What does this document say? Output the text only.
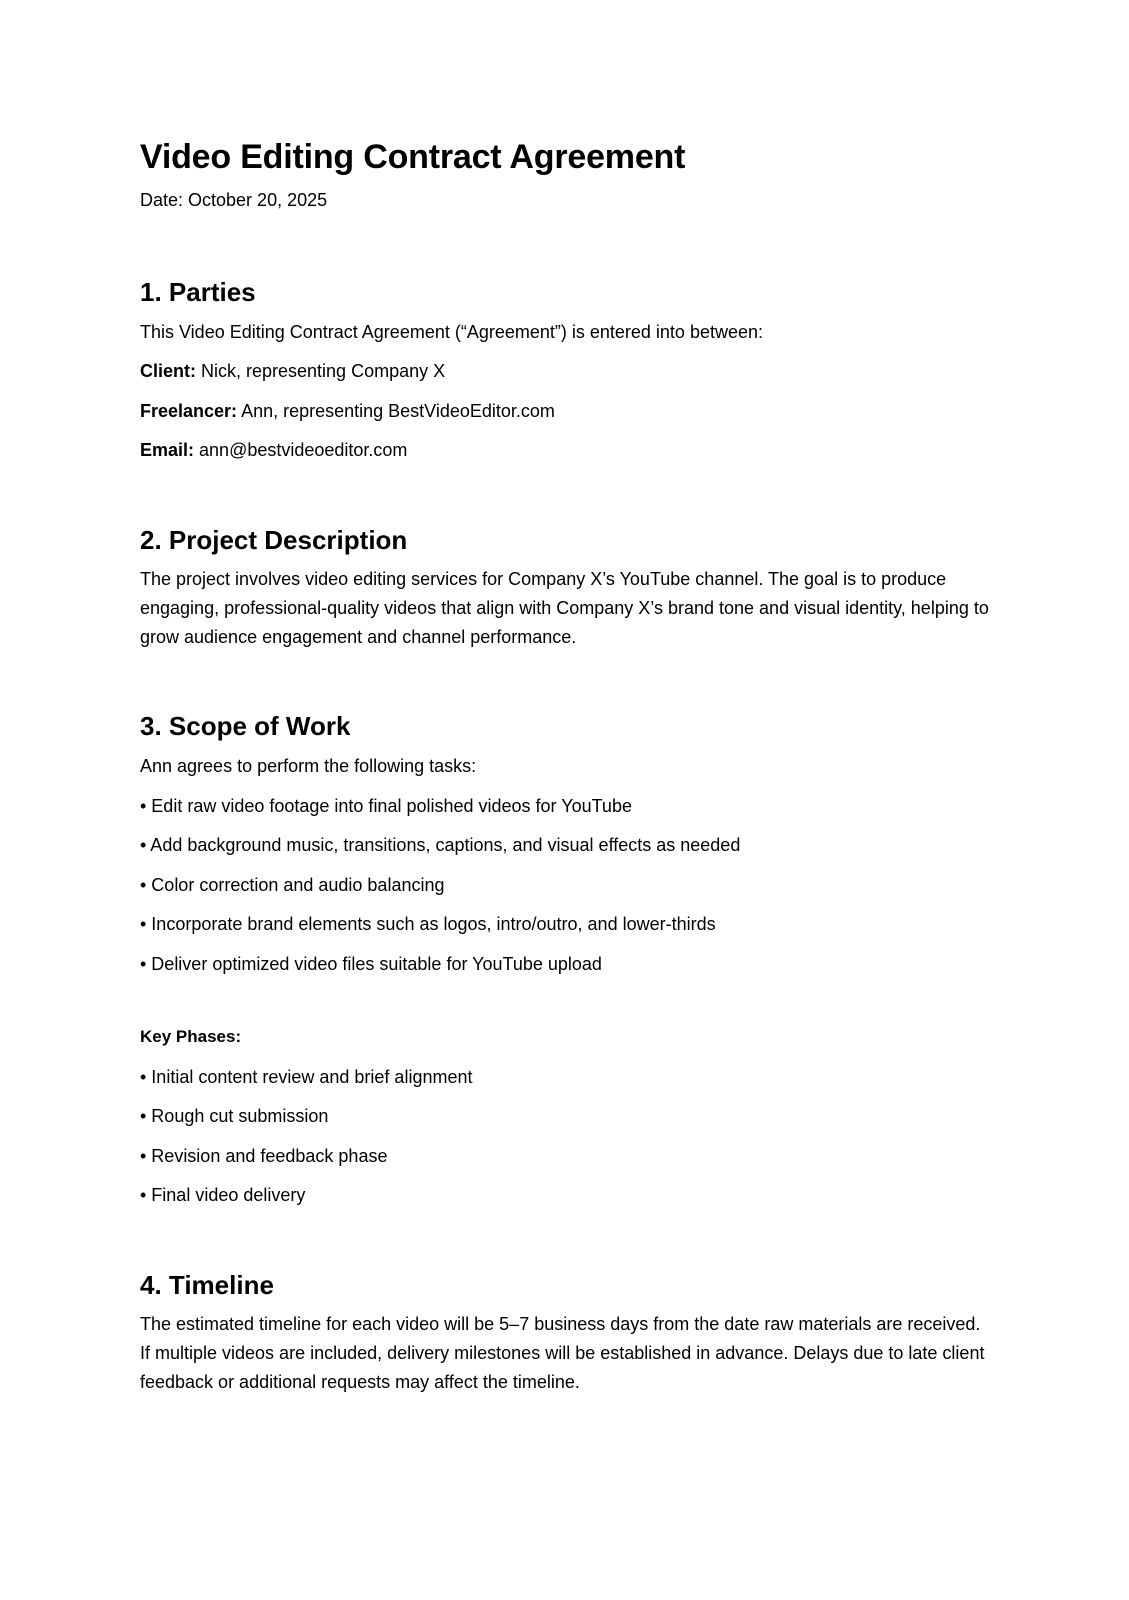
Video Editing Contract Agreement
Date: October 20, 2025
1. Parties
This Video Editing Contract Agreement (“Agreement”) is entered into between:
Client: Nick, representing Company X
Freelancer: Ann, representing BestVideoEditor.com
Email: ann@bestvideoeditor.com
2. Project Description
The project involves video editing services for Company X’s YouTube channel. The goal is to produce engaging, professional-quality videos that align with Company X’s brand tone and visual identity, helping to grow audience engagement and channel performance.
3. Scope of Work
Ann agrees to perform the following tasks:
• Edit raw video footage into final polished videos for YouTube
• Add background music, transitions, captions, and visual effects as needed
• Color correction and audio balancing
• Incorporate brand elements such as logos, intro/outro, and lower-thirds
• Deliver optimized video files suitable for YouTube upload
Key Phases:
• Initial content review and brief alignment
• Rough cut submission
• Revision and feedback phase
• Final video delivery
4. Timeline
The estimated timeline for each video will be 5–7 business days from the date raw materials are received. If multiple videos are included, delivery milestones will be established in advance. Delays due to late client feedback or additional requests may affect the timeline.
